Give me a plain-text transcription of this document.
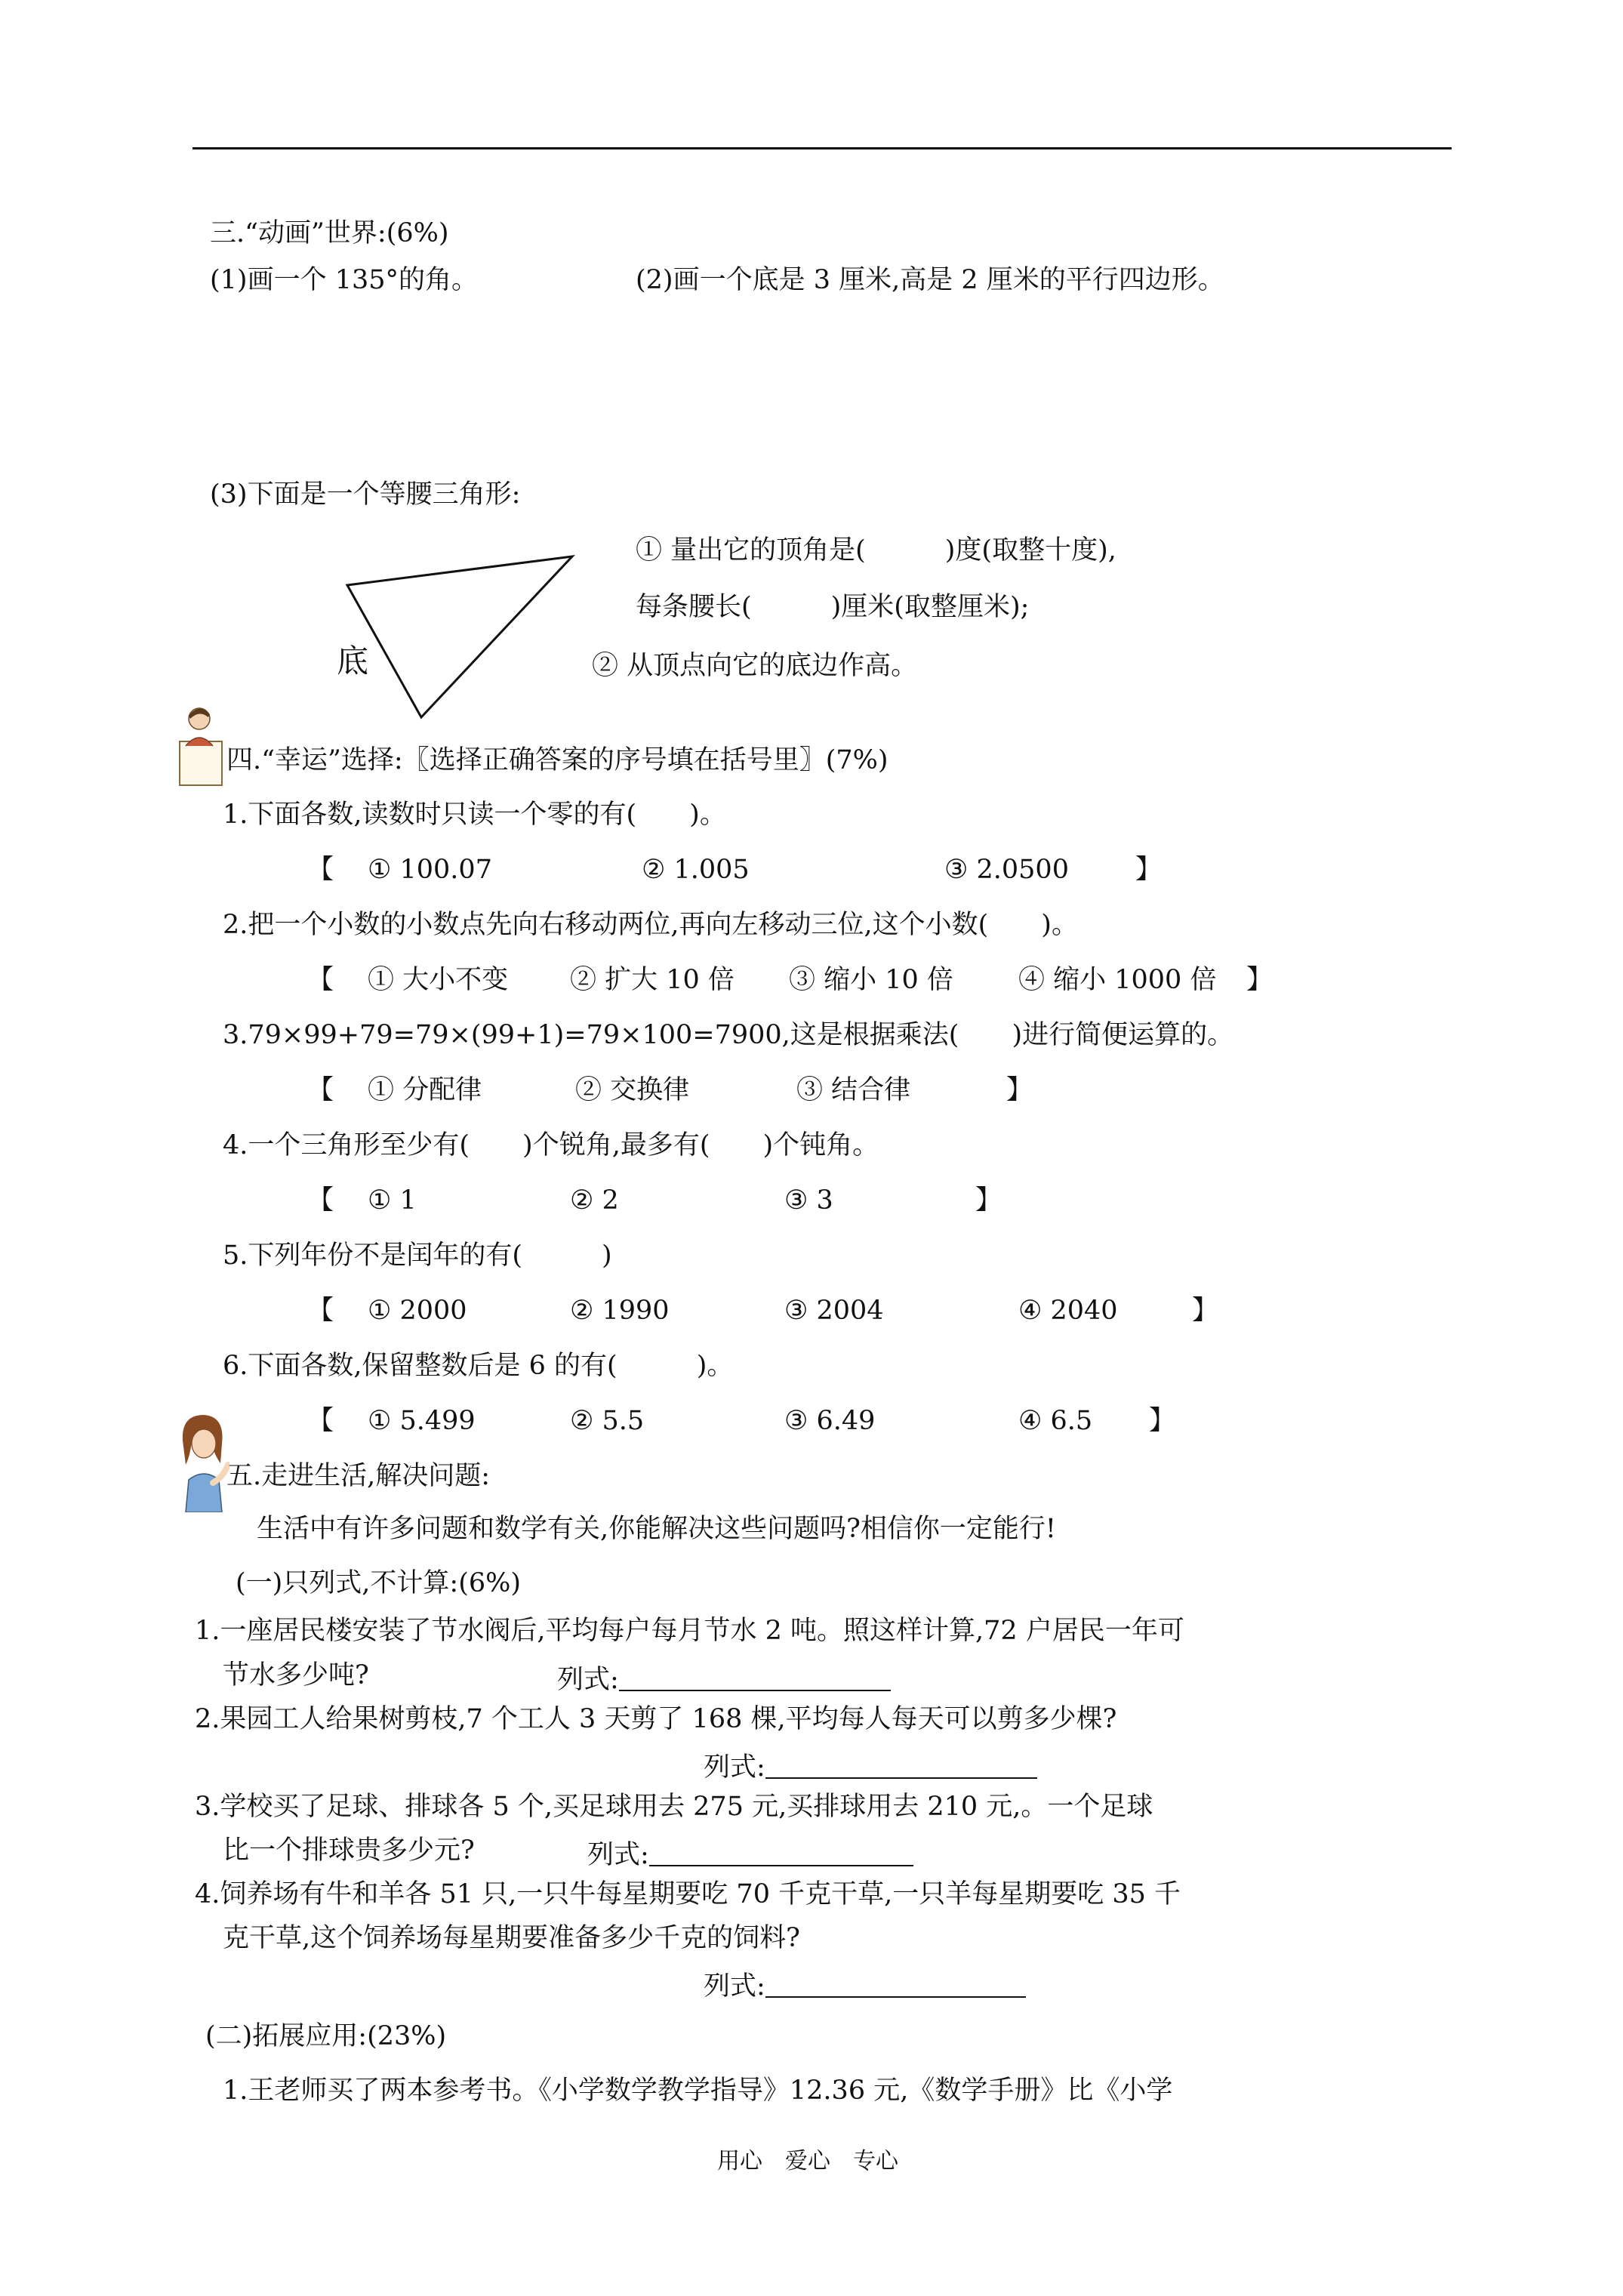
三.“动画”世界:(6%)
(1)画一个 135°的角。	(2)画一个底是 3 厘米,高是 2 厘米的平行四边形。
(3)下面是一个等腰三角形:
底
① 量出它的顶角是(　　　)度(取整十度),
每条腰长(　　　)厘米(取整厘米);
② 从顶点向它的底边作高。
四.“幸运”选择:〖选择正确答案的序号填在括号里〗(7%)
1.下面各数,读数时只读一个零的有(　　)。
【 ① 100.07	② 1.005	③ 2.0500	】
2.把一个小数的小数点先向右移动两位,再向左移动三位,这个小数(　　)。
【 ① 大小不变 ② 扩大 10 倍 ③ 缩小 10 倍 ④ 缩小 1000 倍 】
3.79×99+79=79×(99+1)=79×100=7900,这是根据乘法(　　)进行简便运算的。
【 ① 分配律	② 交换律	③ 结合律	】
4.一个三角形至少有(　　)个锐角,最多有(　　)个钝角。
【 ① 1	② 2	③ 3	】
5.下列年份不是闰年的有(　　　)
【 ① 2000	② 1990	③ 2004	④ 2040	】
6.下面各数,保留整数后是 6 的有(　　　)。
【 ① 5.499	② 5.5	③ 6.49	④ 6.5 】
五.走进生活,解决问题:
生活中有许多问题和数学有关,你能解决这些问题吗?相信你一定能行!
(一)只列式,不计算:(6%)
1.一座居民楼安装了节水阀后,平均每户每月节水 2 吨。照这样计算,72 户居民一年可
节水多少吨?	列式:
2.果园工人给果树剪枝,7 个工人 3 天剪了 168 棵,平均每人每天可以剪多少棵?
列式:
3.学校买了足球、排球各 5 个,买足球用去 275 元,买排球用去 210 元,。一个足球
比一个排球贵多少元?	列式:
4.饲养场有牛和羊各 51 只,一只牛每星期要吃 70 千克干草,一只羊每星期要吃 35 千
克干草,这个饲养场每星期要准备多少千克的饲料?
列式:
(二)拓展应用:(23%)
1.王老师买了两本参考书。《小学数学教学指导》12.36 元,《数学手册》比《小学
用心　爱心　专心
